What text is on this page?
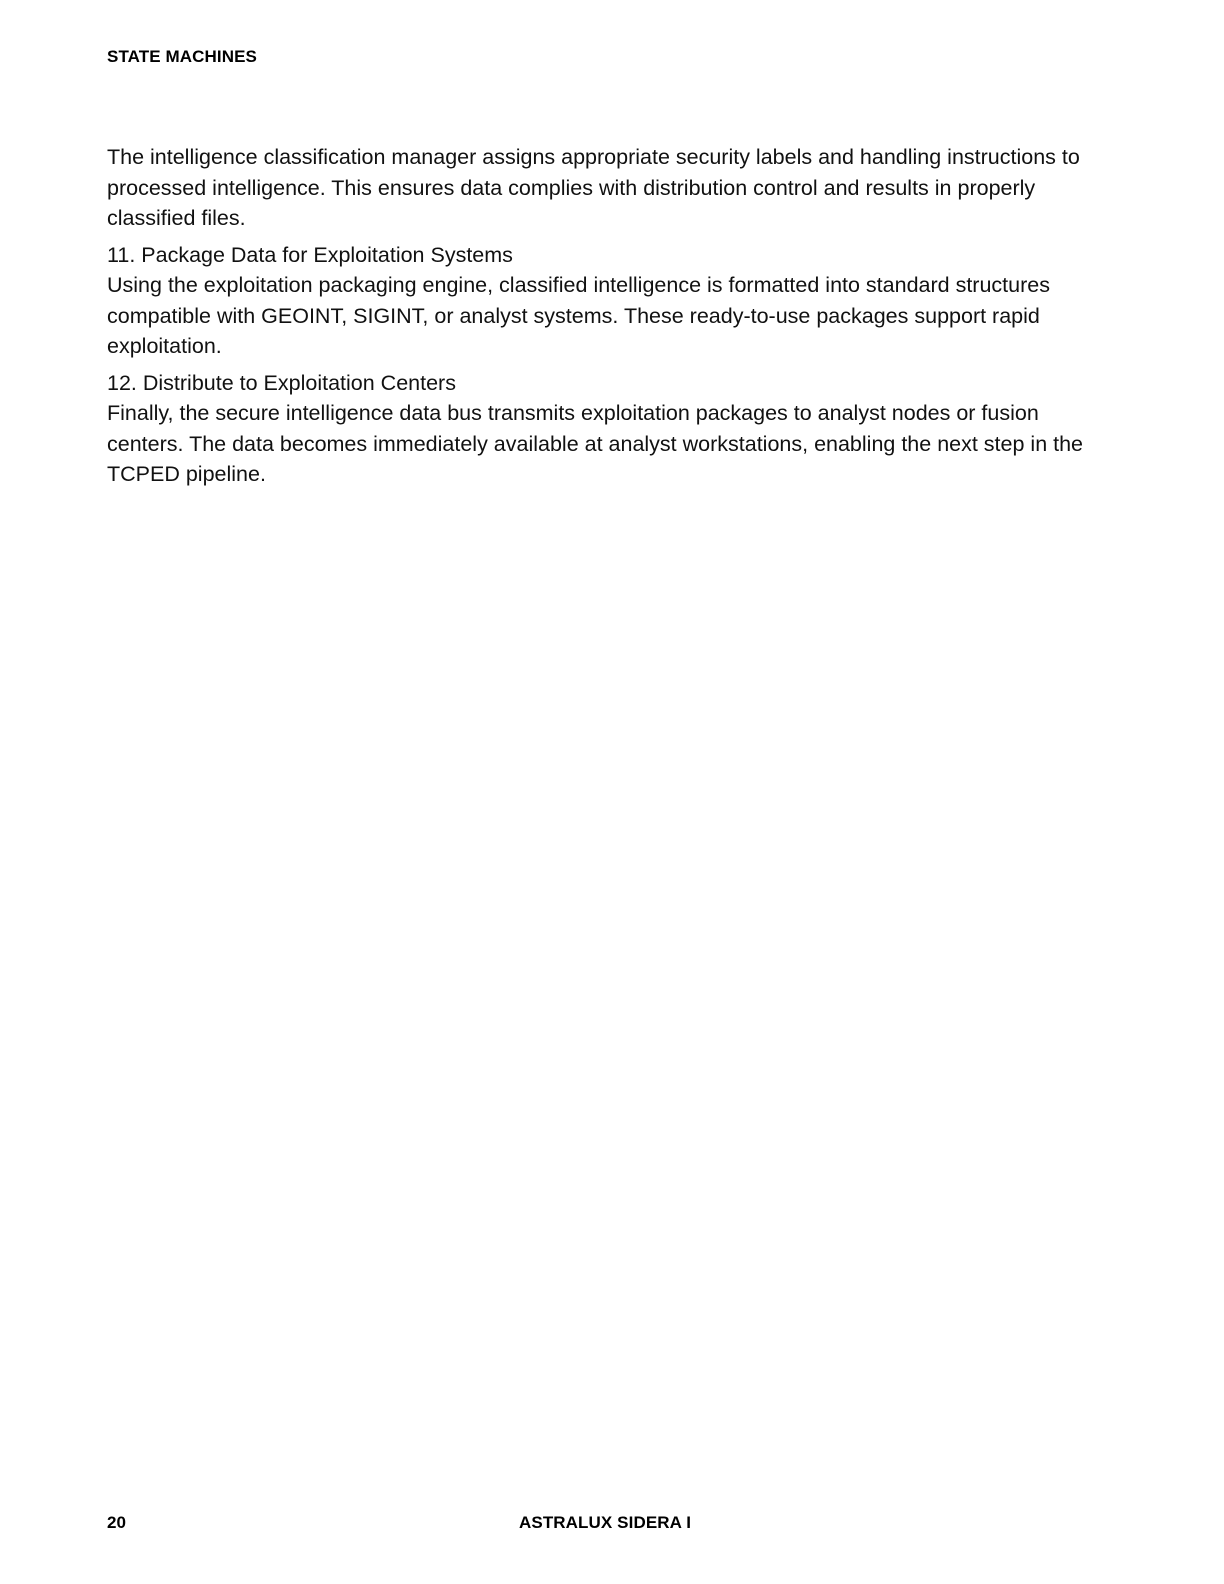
STATE MACHINES

The intelligence classification manager assigns appropriate security labels and handling instructions to processed intelligence. This ensures data complies with distribution control and results in properly classified files.

11. Package Data for Exploitation Systems

Using the exploitation packaging engine, classified intelligence is formatted into standard structures compatible with GEOINT, SIGINT, or analyst systems. These ready-to-use packages support rapid exploitation.

12. Distribute to Exploitation Centers

Finally, the secure intelligence data bus transmits exploitation packages to analyst nodes or fusion centers. The data becomes immediately available at analyst workstations, enabling the next step in the TCPED pipeline.

20	ASTRALUX SIDERA I
